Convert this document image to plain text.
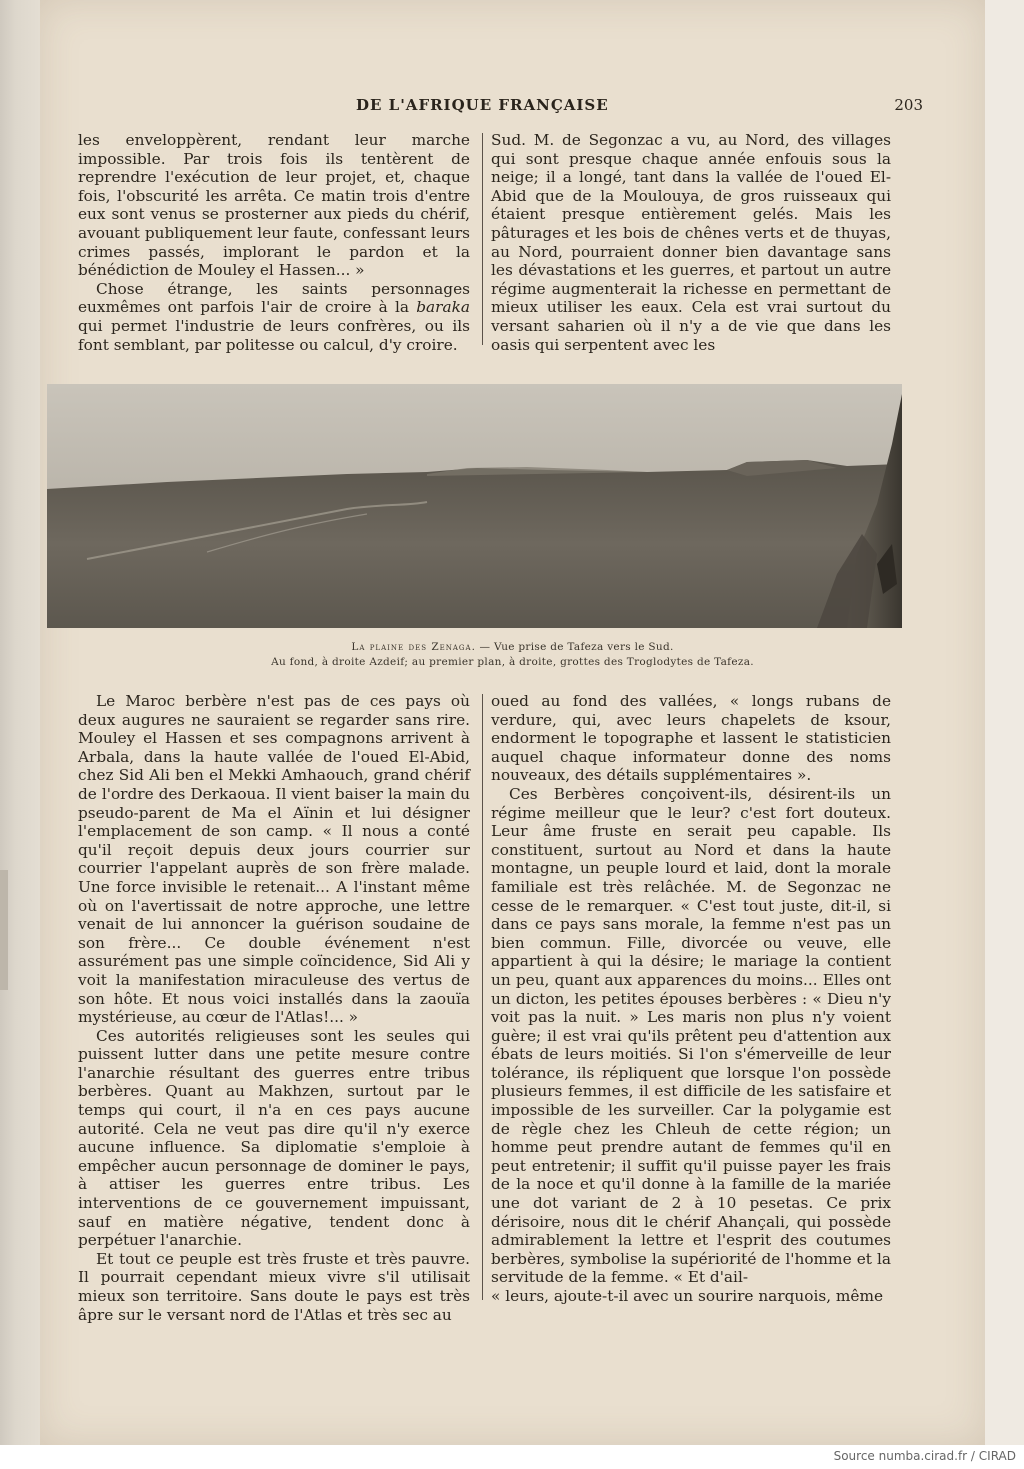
DE L'AFRIQUE FRANÇAISE	203

les enveloppèrent, rendant leur marche impossible. Par trois fois ils tentèrent de reprendre l'exécution de leur projet, et, chaque fois, l'obscurité les arrêta. Ce matin trois d'entre eux sont venus se prosterner aux pieds du chérif, avouant publiquement leur faute, confessant leurs crimes passés, implorant le pardon et la bénédiction de Mouley el Hassen... »

Chose étrange, les saints personnages euxmêmes ont parfois l'air de croire à la baraka qui permet l'industrie de leurs confrères, ou ils font semblant, par politesse ou calcul, d'y croire.

Sud. M. de Segonzac a vu, au Nord, des villages qui sont presque chaque année enfouis sous la neige; il a longé, tant dans la vallée de l'oued El-Abid que de la Moulouya, de gros ruisseaux qui étaient presque entièrement gelés. Mais les pâturages et les bois de chênes verts et de thuyas, au Nord, pourraient donner bien davantage sans les dévastations et les guerres, et partout un autre régime augmenterait la richesse en permettant de mieux utiliser les eaux. Cela est vrai surtout du versant saharien où il n'y a de vie que dans les oasis qui serpentent avec les

La plaine des Zenaga. — Vue prise de Tafeza vers le Sud.
Au fond, à droite Azdeif; au premier plan, à droite, grottes des Troglodytes de Tafeza.

Le Maroc berbère n'est pas de ces pays où deux augures ne sauraient se regarder sans rire. Mouley el Hassen et ses compagnons arrivent à Arbala, dans la haute vallée de l'oued El-Abid, chez Sid Ali ben el Mekki Amhaouch, grand chérif de l'ordre des Derkaoua. Il vient baiser la main du pseudo-parent de Ma el Aïnin et lui désigner l'emplacement de son camp. « Il nous a conté qu'il reçoit depuis deux jours courrier sur courrier l'appelant auprès de son frère malade. Une force invisible le retenait... A l'instant même où on l'avertissait de notre approche, une lettre venait de lui annoncer la guérison soudaine de son frère... Ce double événement n'est assurément pas une simple coïncidence, Sid Ali y voit la manifestation miraculeuse des vertus de son hôte. Et nous voici installés dans la zaouïa mystérieuse, au cœur de l'Atlas!... »

Ces autorités religieuses sont les seules qui puissent lutter dans une petite mesure contre l'anarchie résultant des guerres entre tribus berbères. Quant au Makhzen, surtout par le temps qui court, il n'a en ces pays aucune autorité. Cela ne veut pas dire qu'il n'y exerce aucune influence. Sa diplomatie s'emploie à empêcher aucun personnage de dominer le pays, à attiser les guerres entre tribus. Les interventions de ce gouvernement impuissant, sauf en matière négative, tendent donc à perpétuer l'anarchie.

Et tout ce peuple est très fruste et très pauvre. Il pourrait cependant mieux vivre s'il utilisait mieux son territoire. Sans doute le pays est très âpre sur le versant nord de l'Atlas et très sec au

oued au fond des vallées, « longs rubans de verdure, qui, avec leurs chapelets de ksour, endorment le topographe et lassent le statisticien auquel chaque informateur donne des noms nouveaux, des détails supplémentaires ».

Ces Berbères conçoivent-ils, désirent-ils un régime meilleur que le leur? c'est fort douteux. Leur âme fruste en serait peu capable. Ils constituent, surtout au Nord et dans la haute montagne, un peuple lourd et laid, dont la morale familiale est très relâchée. M. de Segonzac ne cesse de le remarquer. « C'est tout juste, dit-il, si dans ce pays sans morale, la femme n'est pas un bien commun. Fille, divorcée ou veuve, elle appartient à qui la désire; le mariage la contient un peu, quant aux apparences du moins... Elles ont un dicton, les petites épouses berbères : « Dieu n'y voit pas la nuit. » Les maris non plus n'y voient guère; il est vrai qu'ils prêtent peu d'attention aux ébats de leurs moitiés. Si l'on s'émerveille de leur tolérance, ils répliquent que lorsque l'on possède plusieurs femmes, il est difficile de les satisfaire et impossible de les surveiller. Car la polygamie est de règle chez les Chleuh de cette région; un homme peut prendre autant de femmes qu'il en peut entretenir; il suffit qu'il puisse payer les frais de la noce et qu'il donne à la famille de la mariée une dot variant de 2 à 10 pesetas. Ce prix dérisoire, nous dit le chérif Ahançali, qui possède admirablement la lettre et l'esprit des coutumes berbères, symbolise la supériorité de l'homme et la servitude de la femme. « Et d'ail-

« leurs, ajoute-t-il avec un sourire narquois, même

Source numba.cirad.fr / CIRAD
